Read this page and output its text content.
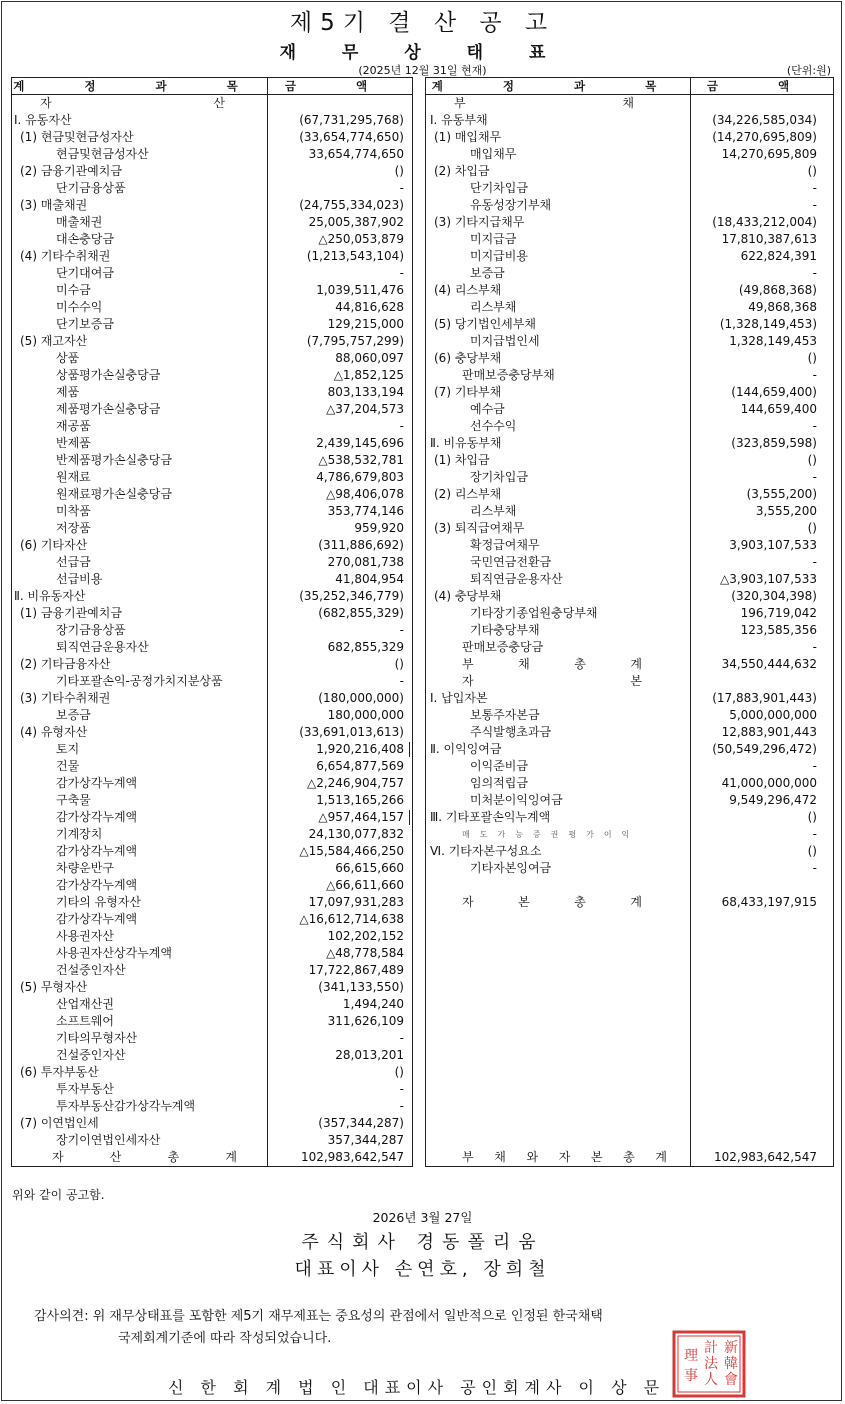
제5기 결 산 공 고
재 무 상 태 표
(2025년 12월 31일 현재)	(단위:원)
계 정 과 목	금 액
자	산
Ⅰ. 유동자산	(67,731,295,768)
(1) 현금및현금성자산	(33,654,774,650)
현금및현금성자산	33,654,774,650
(2) 금융기관예치금	()
단기금융상품	-
(3) 매출채권	(24,755,334,023)
매출채권	25,005,387,902
대손충당금	△250,053,879
(4) 기타수취채권	(1,213,543,104)
단기대여금	-
미수금	1,039,511,476
미수수익	44,816,628
단기보증금	129,215,000
(5) 재고자산	(7,795,757,299)
상품	88,060,097
상품평가손실충당금	△1,852,125
제품	803,133,194
제품평가손실충당금	△37,204,573
재공품	-
반제품	2,439,145,696
반제품평가손실충당금	△538,532,781
원재료	4,786,679,803
원재료평가손실충당금	△98,406,078
미착품	353,774,146
저장품	959,920
(6) 기타자산	(311,886,692)
선급금	270,081,738
선급비용	41,804,954
Ⅱ. 비유동자산	(35,252,346,779)
(1) 금융기관예치금	(682,855,329)
장기금융상품	-
퇴직연금운용자산	682,855,329
(2) 기타금융자산	()
기타포괄손익-공정가치지분상품	-
(3) 기타수취채권	(180,000,000)
보증금	180,000,000
(4) 유형자산	(33,691,013,613)
토지	1,920,216,408
건물	6,654,877,569
감가상각누계액	△2,246,904,757
구축물	1,513,165,266
감가상각누계액	△957,464,157
기계장치	24,130,077,832
감가상각누계액	△15,584,466,250
차량운반구	66,615,660
감가상각누계액	△66,611,660
기타의 유형자산	17,097,931,283
감가상각누계액	△16,612,714,638
사용권자산	102,202,152
사용권자산상각누계액	△48,778,584
건설중인자산	17,722,867,489
(5) 무형자산	(341,133,550)
산업재산권	1,494,240
소프트웨어	311,626,109
기타의무형자산	-
건설중인자산	28,013,201
(6) 투자부동산	()
투자부동산	-
투자부동산감가상각누계액	-
(7) 이연법인세	(357,344,287)
장기이연법인세자산	357,344,287
자	산	총	계	102,983,642,547
계 정 과 목	금 액
부	채
Ⅰ. 유동부채	(34,226,585,034)
(1) 매입채무	(14,270,695,809)
매입채무	14,270,695,809
(2) 차입금	()
단기차입금	-
유동성장기부채	-
(3) 기타지급채무	(18,433,212,004)
미지급금	17,810,387,613
미지급비용	622,824,391
보증금	-
(4) 리스부채	(49,868,368)
리스부채	49,868,368
(5) 당기법인세부채	(1,328,149,453)
미지급법인세	1,328,149,453
(6) 충당부채	()
판매보증충당부채	-
(7) 기타부채	(144,659,400)
예수금	144,659,400
선수수익	-
Ⅱ. 비유동부채	(323,859,598)
(1) 차입금	()
장기차입금	-
(2) 리스부채	(3,555,200)
리스부채	3,555,200
(3) 퇴직급여채무	()
확정급여채무	3,903,107,533
국민연금전환금	-
퇴직연금운용자산	△3,903,107,533
(4) 충당부채	(320,304,398)
기타장기종업원충당부채	196,719,042
기타충당부채	123,585,356
판매보증충당금	-
부	채	총	계	34,550,444,632
자	본
Ⅰ. 납입자본	(17,883,901,443)
보통주자본금	5,000,000,000
주식발행초과금	12,883,901,443
Ⅱ. 이익잉여금	(50,549,296,472)
이익준비금	-
임의적립금	41,000,000,000
미처분이익잉여금	9,549,296,472
Ⅲ. 기타포괄손익누계액	()
매도가능증권평가이익	-
Ⅵ. 기타자본구성요소	()
기타자본잉여금	-
자	본	총	계	68,433,197,915
부 채 와 자 본 총 계	102,983,642,547
위와 같이 공고함.
2026년 3월 27일
주식회사 경동폴리움
대표이사 손연호, 장희철
감사의견: 위 재무상태표를 포함한 제5기 재무제표는 중요성의 관점에서 일반적으로 인정된 한국채택
국제회계기준에 따라 작성되었습니다.
신 한 회 계 법 인 대표이사 공인회계사 이 상 문
新
韓
會
計
法
人
理
事
